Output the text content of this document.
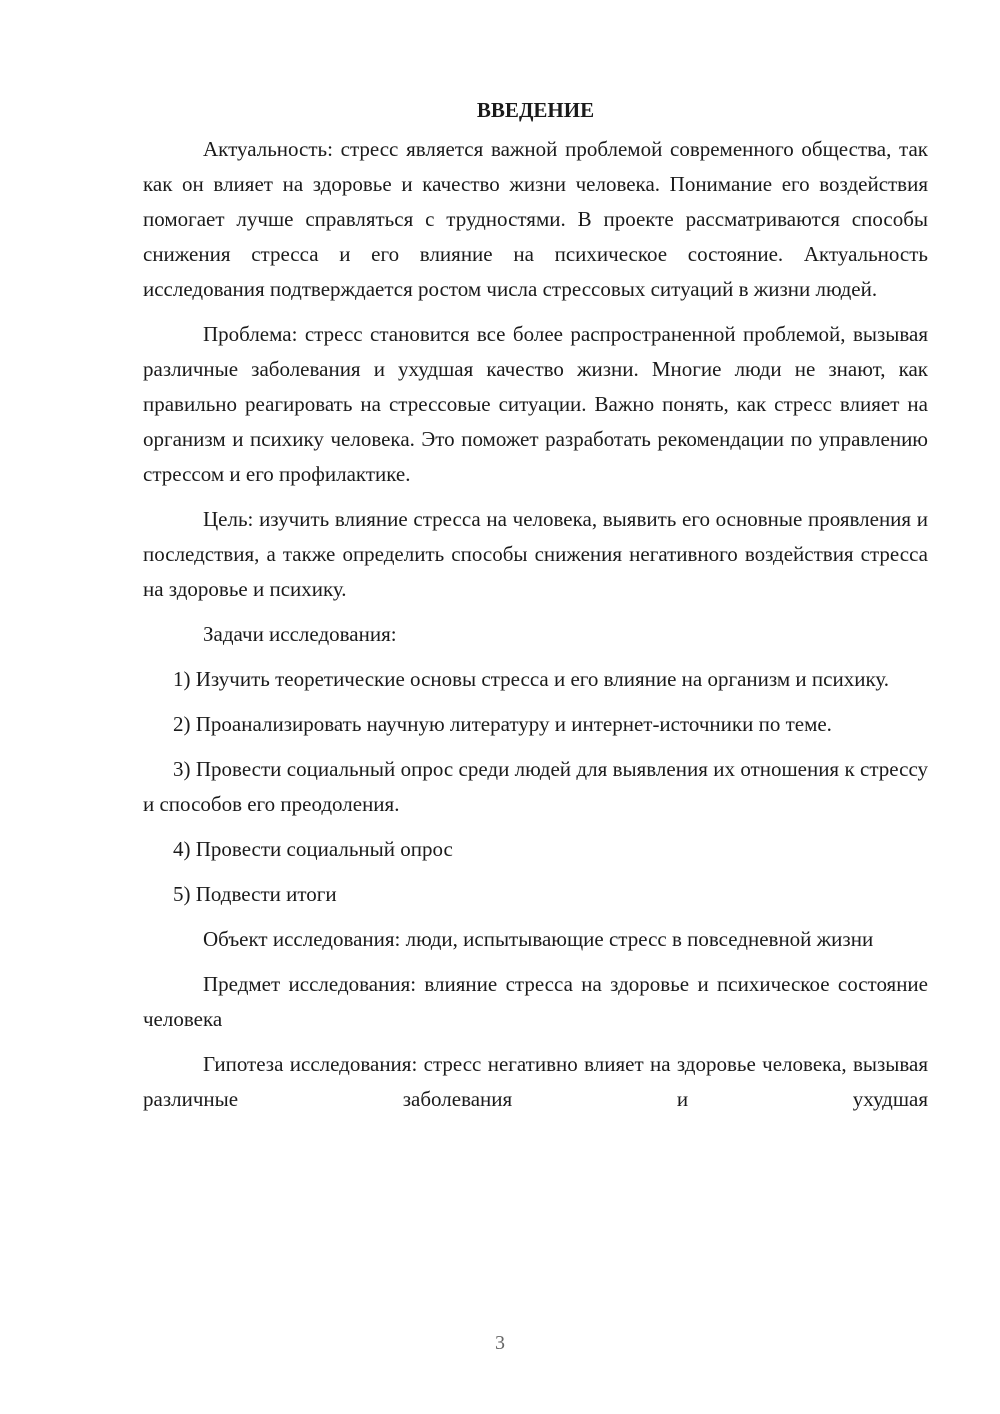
ВВЕДЕНИЕ

Актуальность: стресс является важной проблемой современного общества, так как он влияет на здоровье и качество жизни человека. Понимание его воздействия помогает лучше справляться с трудностями. В проекте рассматриваются способы снижения стресса и его влияние на психическое состояние. Актуальность исследования подтверждается ростом числа стрессовых ситуаций в жизни людей.

Проблема: стресс становится все более распространенной проблемой, вызывая различные заболевания и ухудшая качество жизни. Многие люди не знают, как правильно реагировать на стрессовые ситуации. Важно понять, как стресс влияет на организм и психику человека. Это поможет разработать рекомендации по управлению стрессом и его профилактике.

Цель: изучить влияние стресса на человека, выявить его основные проявления и последствия, а также определить способы снижения негативного воздействия стресса на здоровье и психику.

Задачи исследования:

1) Изучить теоретические основы стресса и его влияние на организм и психику.

2) Проанализировать научную литературу и интернет-источники по теме.

3) Провести социальный опрос среди людей для выявления их отношения к стрессу и способов его преодоления.

4) Провести социальный опрос

5) Подвести итоги

Объект исследования: люди, испытывающие стресс в повседневной жизни

Предмет исследования: влияние стресса на здоровье и психическое состояние человека

Гипотеза исследования: стресс негативно влияет на здоровье человека, вызывая различные заболевания и ухудшая

3
